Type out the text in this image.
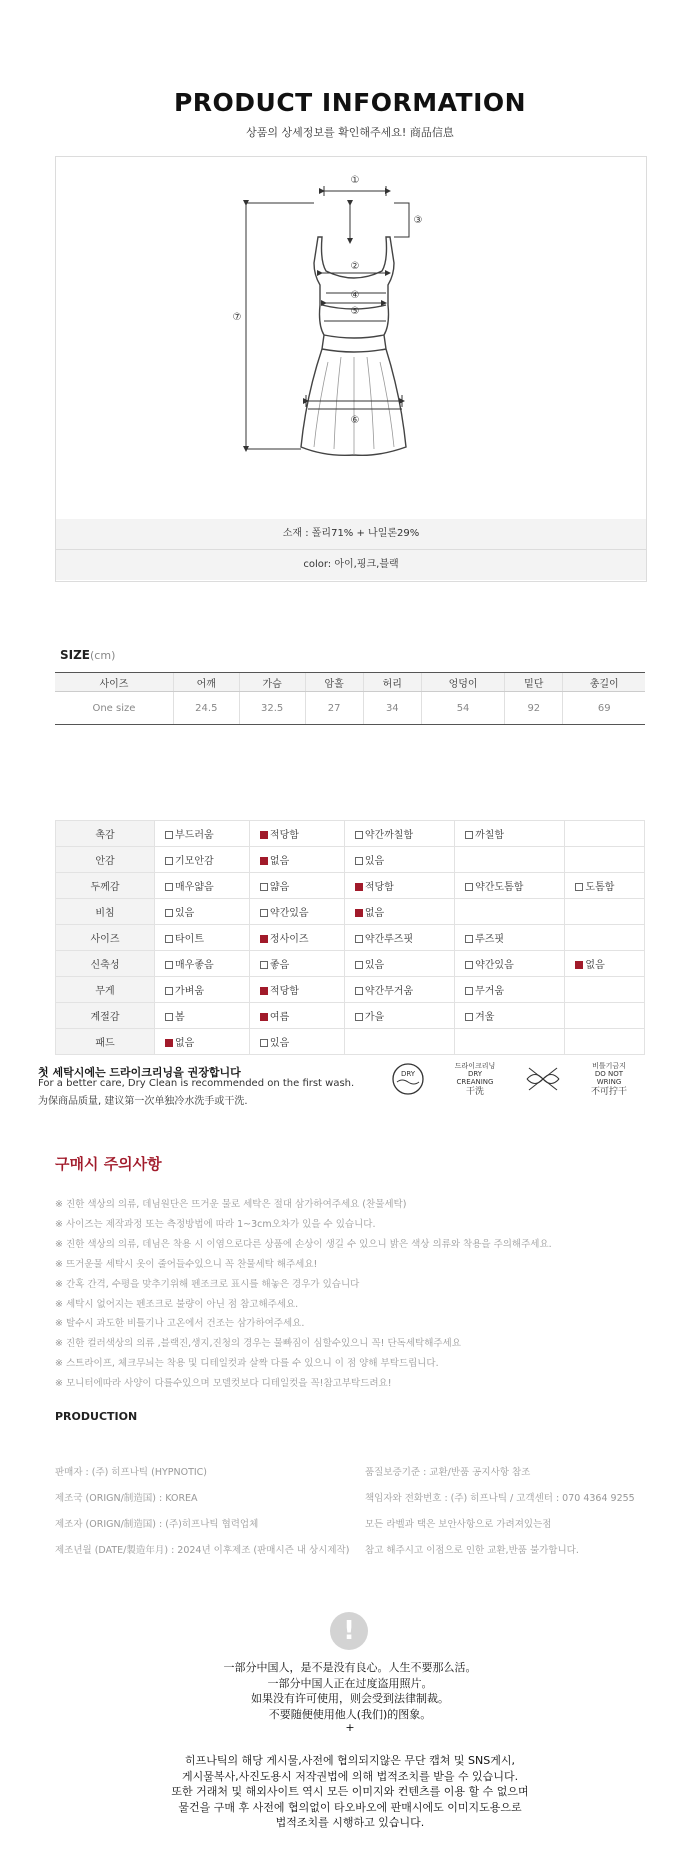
PRODUCT INFORMATION
상품의 상세정보를 확인해주세요! 商品信息
①
②
③
④
⑤
⑥
⑦
소재 : 폴리71% + 나일론29%
color: 아이,핑크,블랙
SIZE(cm)
사이즈	어깨	가슴	암홀	허리	엉덩이	밑단	총길이
One size	24.5	32.5	27	34	54	92	69
촉감	부드러움	적당함	약간까칠함	까칠함	
안감	기모안감	없음	있음		
두께감	매우얇음	얇음	적당함	약간도톰함	도톰함
비침	있음	약간있음	없음		
사이즈	타이트	정사이즈	약간루즈핏	루즈핏	
신축성	매우좋음	좋음	있음	약간있음	없음
무게	가벼움	적당함	약간무거움	무거움	
계절감	봄	여름	가을	겨울	
패드	없음	있음			
첫 세탁시에는 드라이크리닝을 권장합니다
For a better care, Dry Clean is recommended on the first wash.
为保商品质量, 建议第一次单独冷水洗手或干洗.
DRY
드라이크리닝
DRY CREANING
干洗
비틀기금지
DO NOT WRING
不可拧干
구매시 주의사항
※ 진한 색상의 의류, 데님원단은 뜨거운 물로 세탁은 절대 삼가하여주세요 (찬물세탁)
※ 사이즈는 제작과정 또는 측정방법에 따라 1~3cm오차가 있을 수 있습니다.
※ 진한 색상의 의류, 데님은 착용 시 이염으로다른 상품에 손상이 생길 수 있으니 밝은 색상 의류와 착용을 주의해주세요.
※ 뜨거운물 세탁시 옷이 줄어들수있으니 꼭 찬물세탁 해주세요!
※ 간혹 간격, 수평을 맞추기위해 펜조크로 표시를 해놓은 경우가 있습니다
※ 세탁시 없어지는 펜조크로 불량이 아닌 점 참고해주세요.
※ 탈수시 과도한 비틀기나 고온에서 건조는 삼가하여주세요.
※ 진한 컬러색상의 의류 ,블랙진,생지,진청의 경우는 물빠짐이 심할수있으니 꼭! 단독세탁해주세요
※ 스트라이프, 체크무늬는 착용 및 디테일컷과 살짝 다를 수 있으니 이 점 양해 부탁드립니다.
※ 모니터에따라 사양이 다를수있으며 모델컷보다 디테일컷을 꼭!참고부탁드려요!
PRODUCTION
판매자 : (주) 히프나틱 (HYPNOTIC)
제조국 (ORIGN/制造国) : KOREA
제조자 (ORIGN/制造国) : (주)히프나틱 협력업체
제조년월 (DATE/製造年月) : 2024년 이후제조 (판매시즌 내 상시제작)
품질보증기준 : 교환/반품 공지사항 참조
책임자와 전화번호 : (주) 히프나틱 / 고객센터 : 070 4364 9255
모든 라벨과 택은 보안사항으로 가려져있는점
참고 해주시고 이점으로 인한 교환,반품 불가합니다.
!
一部分中国人，是不是没有良心。人生不要那么活。
一部分中国人正在过度盗用照片。
如果没有许可使用，则会受到法律制裁。
不要随便使用他人(我们)的图象。
+
히프나틱의 해당 게시물,사전에 협의되지않은 무단 캡쳐 및 SNS게시,
게시물복사,사진도용시 저작권법에 의해 법적조치를 받을 수 있습니다.
또한 거래처 및 해외사이트 역시 모든 이미지와 컨텐츠를 이용 할 수 없으며
물건을 구매 후 사전에 협의없이 타오바오에 판매시에도 이미지도용으로
법적조치를 시행하고 있습니다.
